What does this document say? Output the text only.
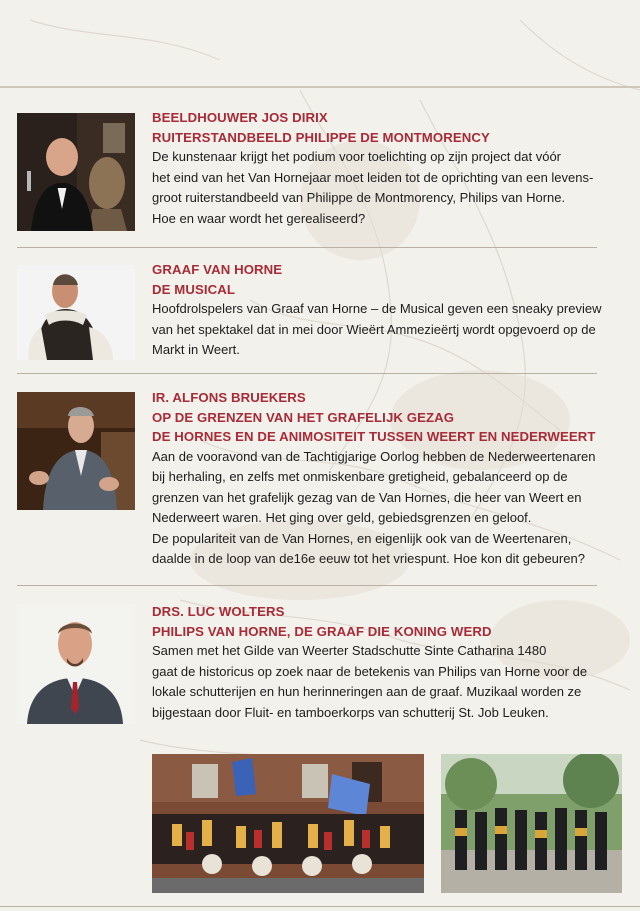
BEELDHOUWER JOS DIRIX

RUITERSTANDBEELD PHILIPPE DE MONTMORENCY

De kunstenaar krijgt het podium voor toelichting op zijn project dat vóór
het eind van het Van Hornejaar moet leiden tot de oprichting van een levens-
groot ruiterstandbeeld van Philippe de Montmorency, Philips van Horne.
Hoe en waar wordt het gerealiseerd?

GRAAF VAN HORNE

DE MUSICAL

Hoofdrolspelers van Graaf van Horne – de Musical geven een sneaky preview
van het spektakel dat in mei door Wieërt Ammezieërtj wordt opgevoerd op de
Markt in Weert.

IR. ALFONS BRUEKERS

OP DE GRENZEN VAN HET GRAFELIJK GEZAG

DE HORNES EN DE ANIMOSITEIT TUSSEN WEERT EN NEDERWEERT

Aan de vooravond van de Tachtigjarige Oorlog hebben de Nederweertenaren
bij herhaling, en zelfs met onmiskenbare gretigheid, gebalanceerd op de
grenzen van het grafelijk gezag van de Van Hornes, die heer van Weert en
Nederweert waren. Het ging over geld, gebiedsgrenzen en geloof.
De populariteit van de Van Hornes, en eigenlijk ook van de Weertenaren,
daalde in de loop van de16e eeuw tot het vriespunt. Hoe kon dit gebeuren?

DRS. LUC WOLTERS

PHILIPS VAN HORNE, DE GRAAF DIE KONING WERD

Samen met het Gilde van Weerter Stadschutte Sinte Catharina 1480
gaat de historicus op zoek naar de betekenis van Philips van Horne voor de
lokale schutterijen en hun herinneringen aan de graaf. Muzikaal worden ze
bijgestaan door Fluit- en tamboerkorps van schutterij St. Job Leuken.
